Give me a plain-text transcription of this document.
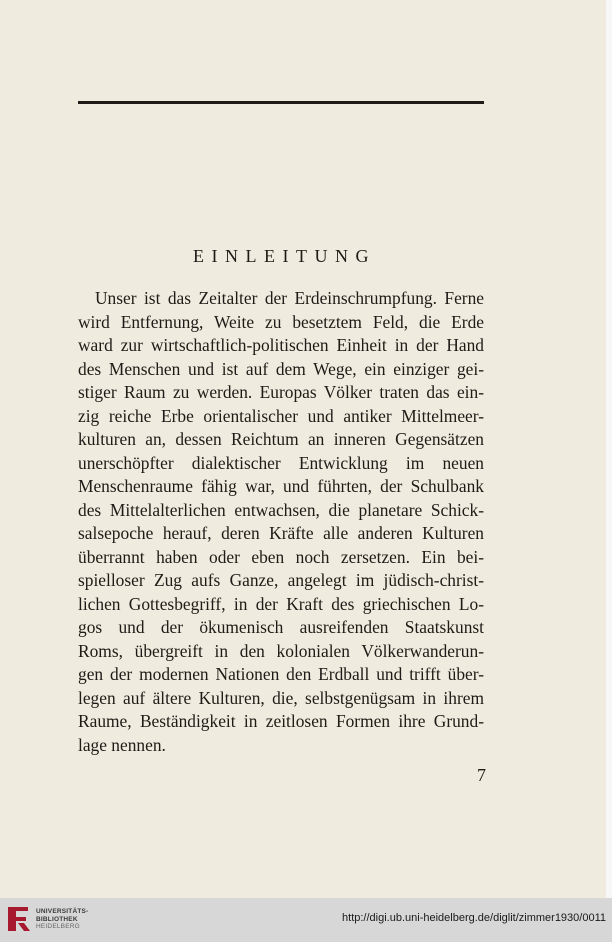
EINLEITUNG
Unser ist das Zeitalter der Erdeinschrumpfung. Ferne
wird Entfernung, Weite zu besetztem Feld, die Erde
ward zur wirtschaftlich-politischen Einheit in der Hand
des Menschen und ist auf dem Wege, ein einziger gei-
stiger Raum zu werden. Europas Völker traten das ein-
zig reiche Erbe orientalischer und antiker Mittelmeer-
kulturen an, dessen Reichtum an inneren Gegensätzen
unerschöpfter dialektischer Entwicklung im neuen
Menschenraume fähig war, und führten, der Schulbank
des Mittelalterlichen entwachsen, die planetare Schick-
salsepoche herauf, deren Kräfte alle anderen Kulturen
überrannt haben oder eben noch zersetzen. Ein bei-
spielloser Zug aufs Ganze, angelegt im jüdisch-christ-
lichen Gottesbegriff, in der Kraft des griechischen Lo-
gos und der ökumenisch ausreifenden Staatskunst
Roms, übergreift in den kolonialen Völkerwanderun-
gen der modernen Nationen den Erdball und trifft über-
legen auf ältere Kulturen, die, selbstgenügsam in ihrem
Raume, Beständigkeit in zeitlosen Formen ihre Grund-
lage nennen.
7
UNIVERSITÄTS-
BIBLIOTHEK
HEIDELBERG
http://digi.ub.uni-heidelberg.de/diglit/zimmer1930/0011
